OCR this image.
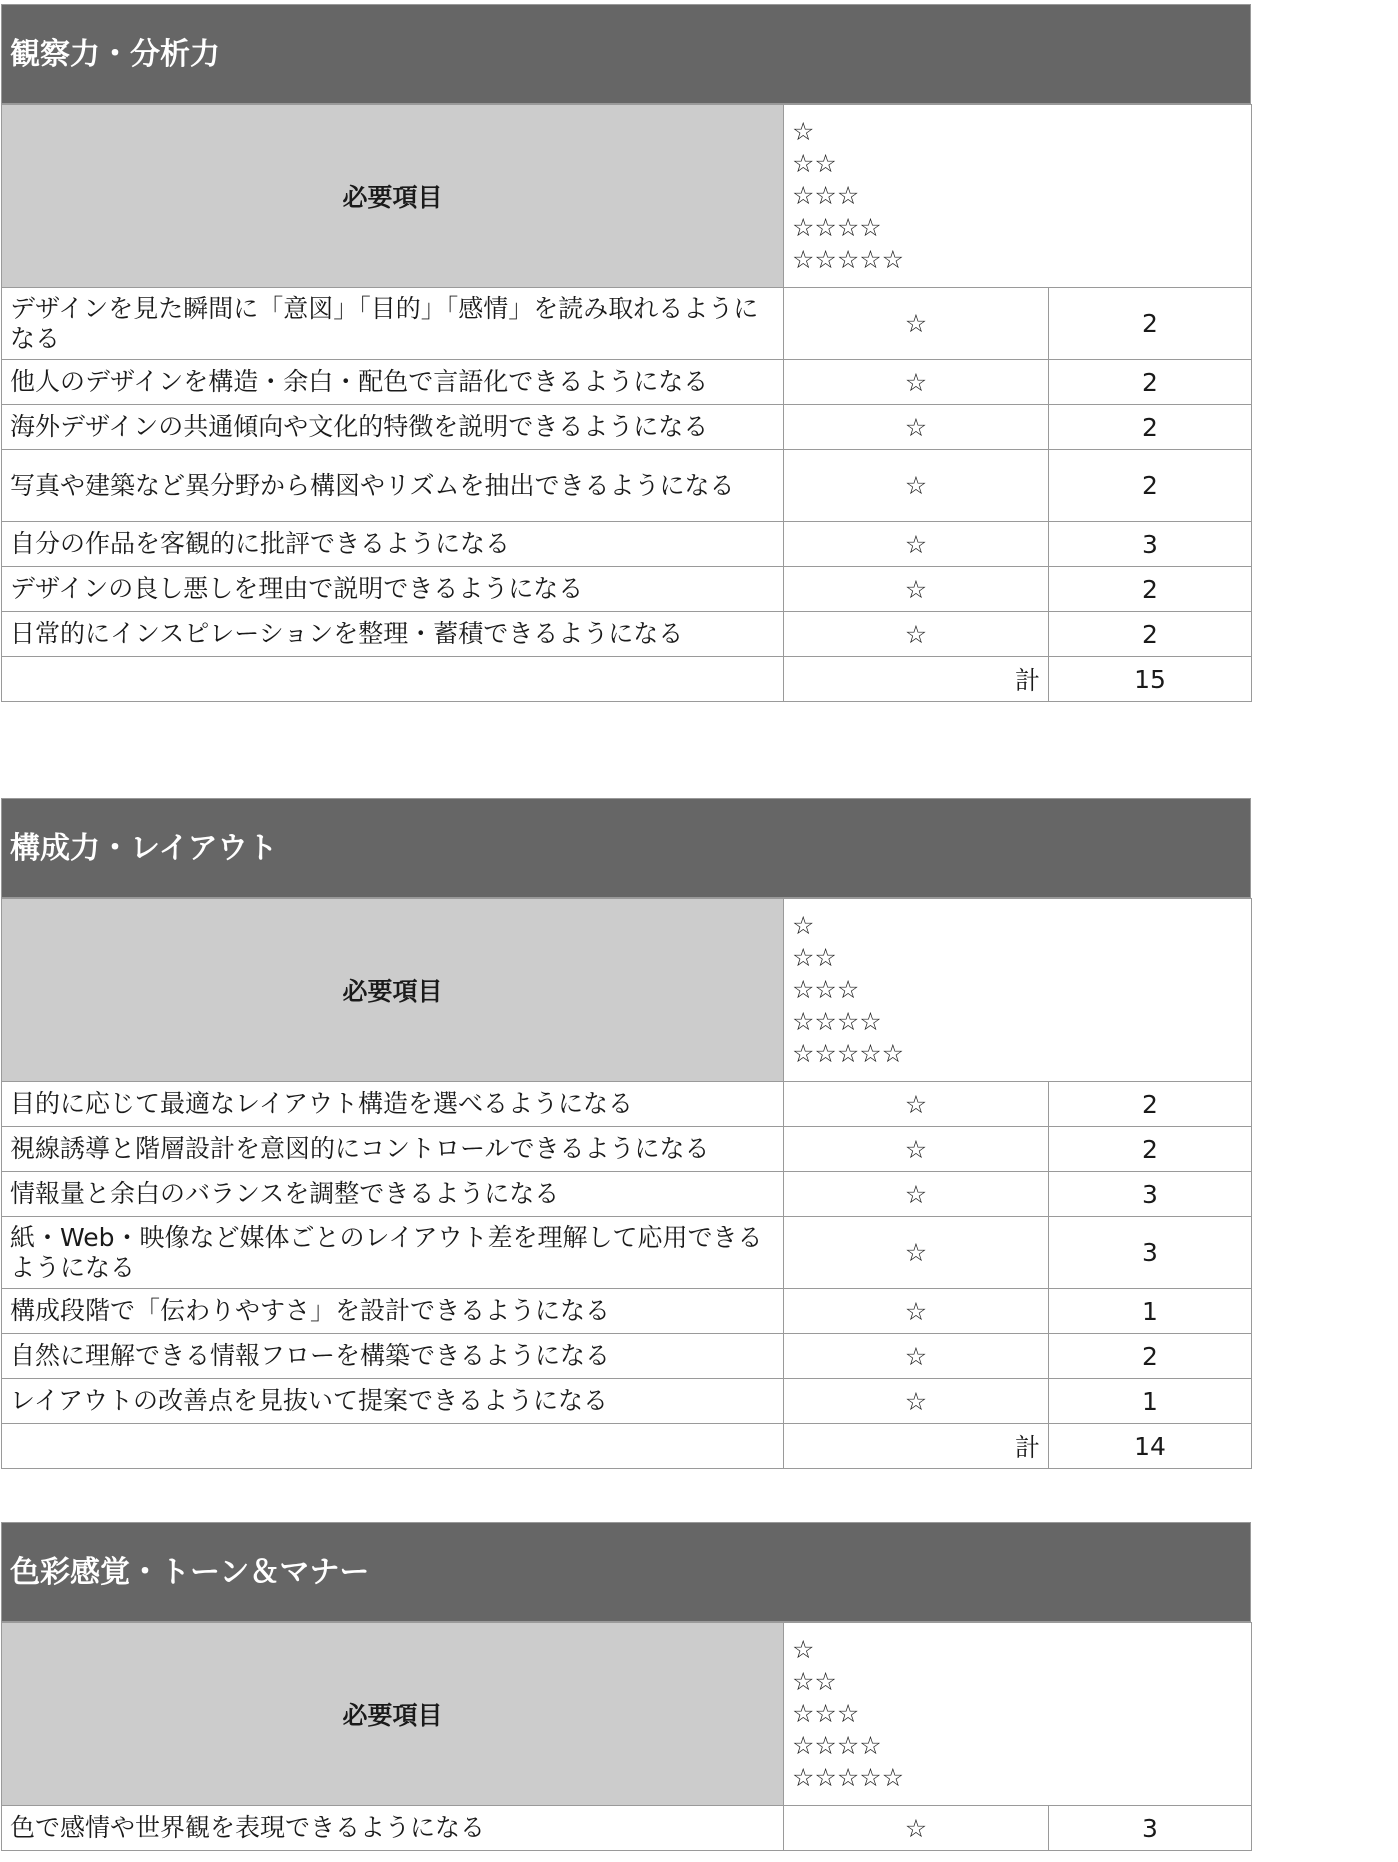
観察力・分析力
必要項目	☆
☆☆
☆☆☆
☆☆☆☆
☆☆☆☆☆	

デザインを見た瞬間に「意図」「目的」「感情」を読み取れるようになる	☆	2
他人のデザインを構造・余白・配色で言語化できるようになる	☆	2
海外デザインの共通傾向や文化的特徴を説明できるようになる	☆	2
写真や建築など異分野から構図やリズムを抽出できるようになる	☆	2
自分の作品を客観的に批評できるようになる	☆	3
デザインの良し悪しを理由で説明できるようになる	☆	2
日常的にインスピレーションを整理・蓄積できるようになる	☆	2
	計	15
構成力・レイアウト
必要項目	☆
☆☆
☆☆☆
☆☆☆☆
☆☆☆☆☆	

目的に応じて最適なレイアウト構造を選べるようになる	☆	2
視線誘導と階層設計を意図的にコントロールできるようになる	☆	2
情報量と余白のバランスを調整できるようになる	☆	3
紙・Web・映像など媒体ごとのレイアウト差を理解して応用できるようになる	☆	3
構成段階で「伝わりやすさ」を設計できるようになる	☆	1
自然に理解できる情報フローを構築できるようになる	☆	2
レイアウトの改善点を見抜いて提案できるようになる	☆	1
	計	14
色彩感覚・トーン＆マナー
必要項目	☆
☆☆
☆☆☆
☆☆☆☆
☆☆☆☆☆	

色で感情や世界観を表現できるようになる	☆	3
